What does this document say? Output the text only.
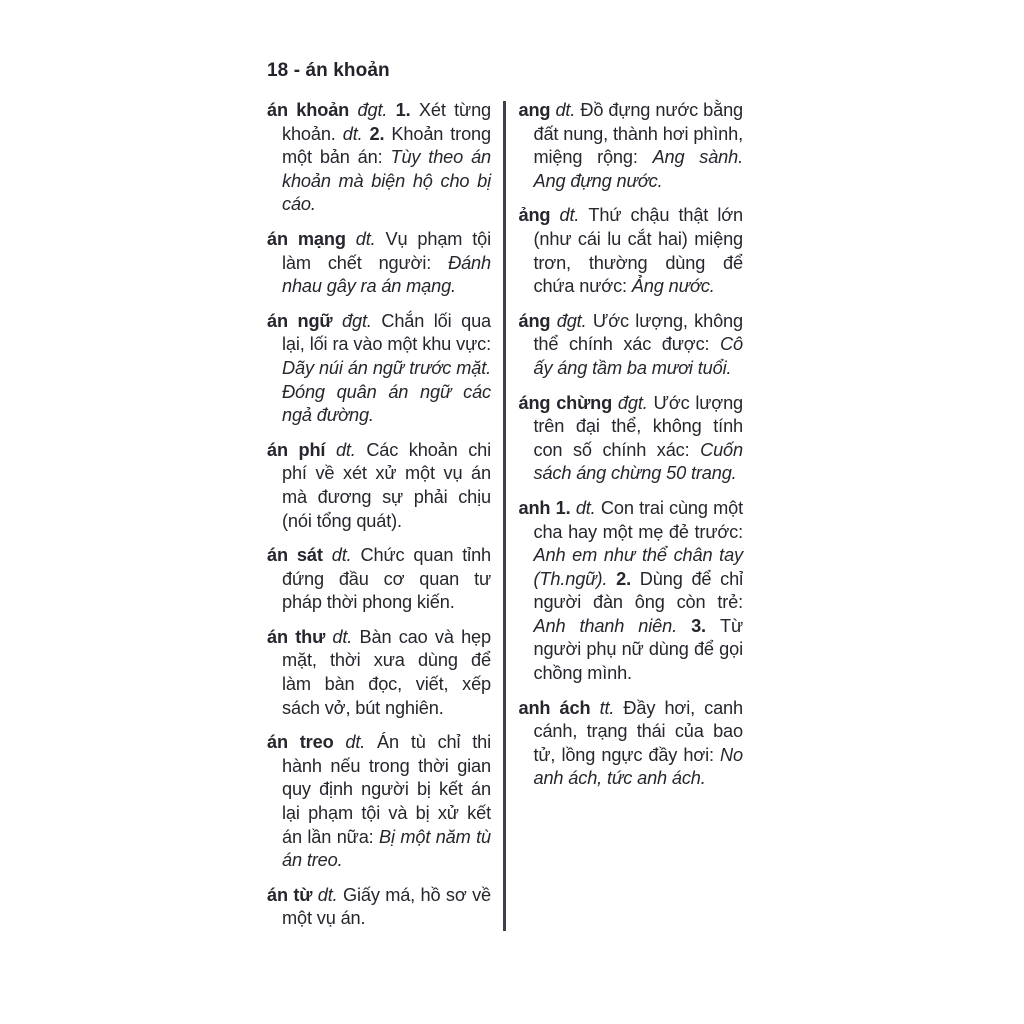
18 - án khoản

án khoản đgt. 1. Xét từng khoản. dt. 2. Khoản trong một bản án: Tùy theo án khoản mà biện hộ cho bị cáo.

án mạng dt. Vụ phạm tội làm chết người: Đánh nhau gây ra án mạng.

án ngữ đgt. Chắn lối qua lại, lối ra vào một khu vực: Dãy núi án ngữ trước mặt. Đóng quân án ngữ các ngả đường.

án phí dt. Các khoản chi phí về xét xử một vụ án mà đương sự phải chịu (nói tổng quát).

án sát dt. Chức quan tỉnh đứng đầu cơ quan tư pháp thời phong kiến.

án thư dt. Bàn cao và hẹp mặt, thời xưa dùng để làm bàn đọc, viết, xếp sách vở, bút nghiên.

án treo dt. Án tù chỉ thi hành nếu trong thời gian quy định người bị kết án lại phạm tội và bị xử kết án lần nữa: Bị một năm tù án treo.

án từ dt. Giấy má, hồ sơ về một vụ án.

ang dt. Đồ đựng nước bằng đất nung, thành hơi phình, miệng rộng: Ang sành. Ang đựng nước.

ảng dt. Thứ chậu thật lớn (như cái lu cắt hai) miệng trơn, thường dùng để chứa nước: Ảng nước.

áng đgt. Ước lượng, không thể chính xác được: Cô ấy áng tầm ba mươi tuổi.

áng chừng đgt. Ước lượng trên đại thể, không tính con số chính xác: Cuốn sách áng chừng 50 trang.

anh 1. dt. Con trai cùng một cha hay một mẹ đẻ trước: Anh em như thể chân tay (Th.ngữ). 2. Dùng để chỉ người đàn ông còn trẻ: Anh thanh niên. 3. Từ người phụ nữ dùng để gọi chồng mình.

anh ách tt. Đầy hơi, canh cánh, trạng thái của bao tử, lồng ngực đầy hơi: No anh ách, tức anh ách.
